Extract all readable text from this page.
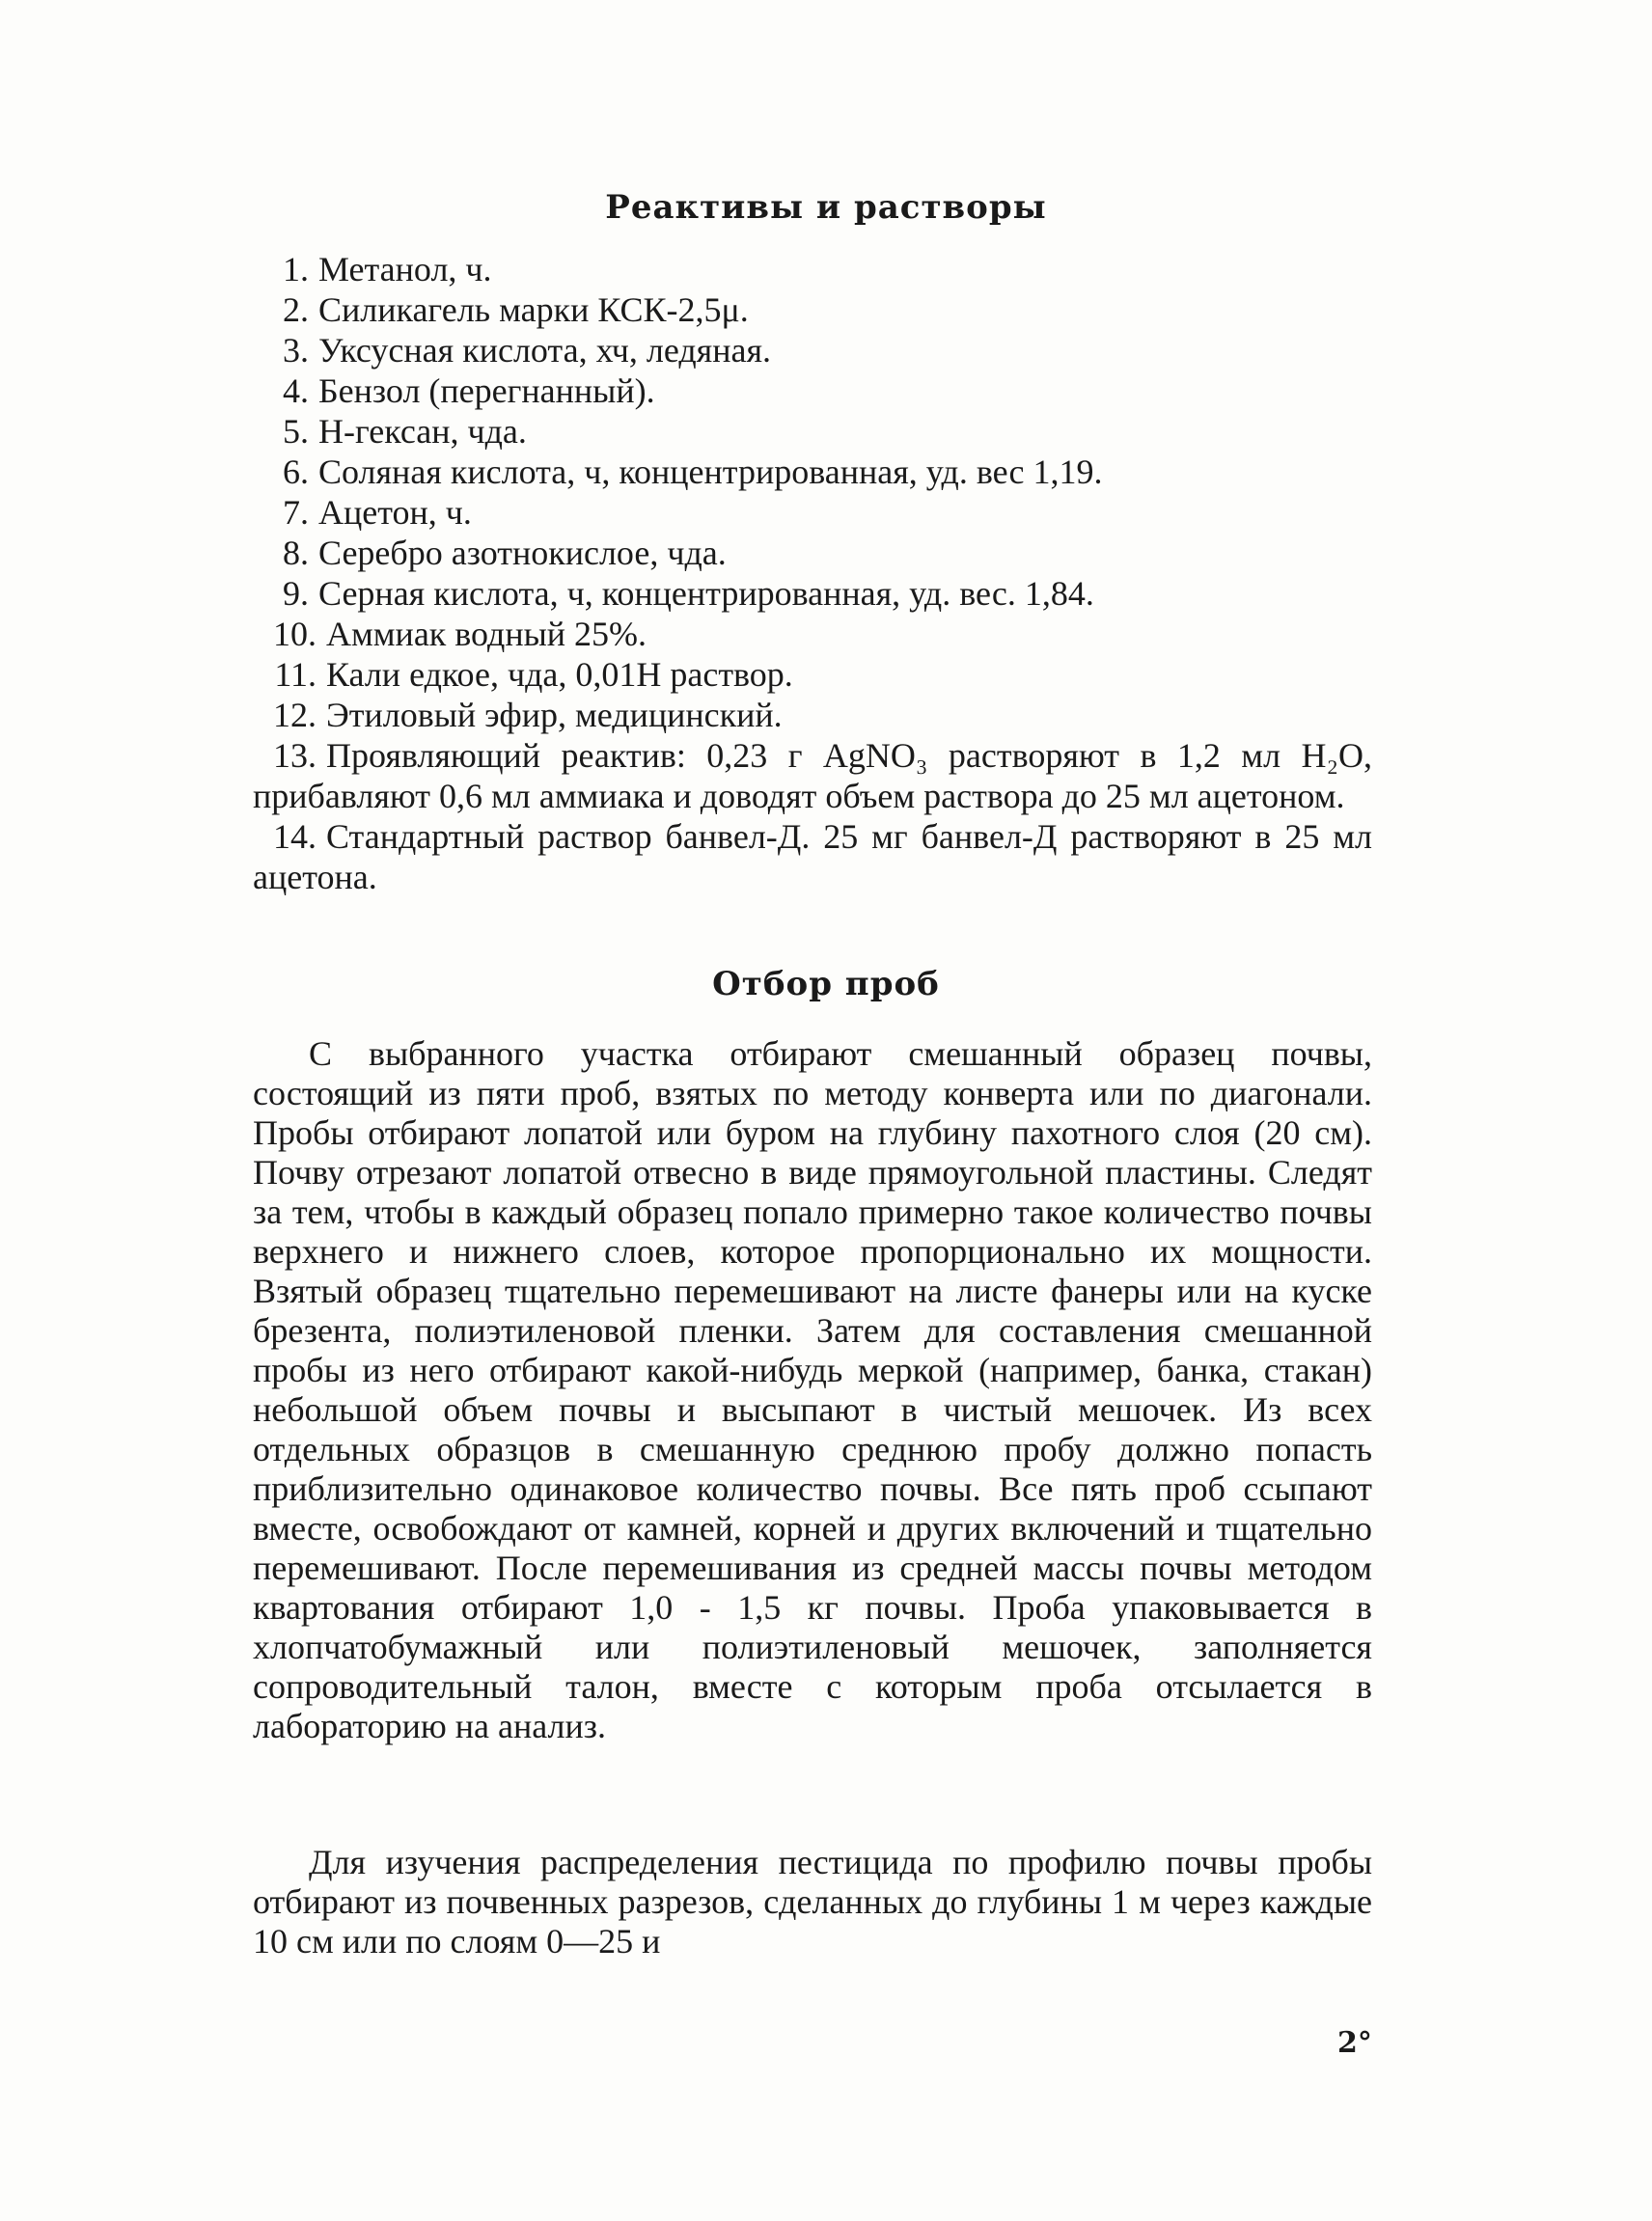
Реактивы и растворы
1. Метанол, ч.
2. Силикагель марки КСК-2,5μ.
3. Уксусная кислота, хч, ледяная.
4. Бензол (перегнанный).
5. Н-гексан, чда.
6. Соляная кислота, ч, концентрированная, уд. вес 1,19.
7. Ацетон, ч.
8. Серебро азотнокислое, чда.
9. Серная кислота, ч, концентрированная, уд. вес. 1,84.
10. Аммиак водный 25%.
11. Кали едкое, чда, 0,01Н раствор.
12. Этиловый эфир, медицинский.
13. Проявляющий реактив: 0,23 г AgNO₃ растворяют в 1,2 мл H₂O, прибавляют 0,6 мл аммиака и доводят объем раствора до 25 мл ацетоном.
14. Стандартный раствор банвел-Д. 25 мг банвел-Д растворяют в 25 мл ацетона.
Отбор проб

С выбранного участка отбирают смешанный образец почвы, состоящий из пяти проб, взятых по методу конверта или по диагонали. Пробы отбирают лопатой или буром на глубину пахотного слоя (20 см). Почву отрезают лопатой отвесно в виде прямоугольной пластины. Следят за тем, чтобы в каждый образец попало примерно такое количество почвы верхнего и нижнего слоев, которое пропорционально их мощности. Взятый образец тщательно перемешивают на листе фанеры или на куске брезента, полиэтиленовой пленки. Затем для составления смешанной пробы из него отбирают какой-нибудь меркой (например, банка, стакан) небольшой объем почвы и высыпают в чистый мешочек. Из всех отдельных образцов в смешанную среднюю пробу должно попасть приблизительно одинаковое количество почвы. Все пять проб ссыпают вместе, освобождают от камней, корней и других включений и тщательно перемешивают. После перемешивания из средней массы почвы методом квартования отбирают 1,0 - 1,5 кг почвы. Проба упаковывается в хлопчатобумажный или полиэтиленовый мешочек, заполняется сопроводительный талон, вместе с которым проба отсылается в лабораторию на анализ.

Для изучения распределения пестицида по профилю почвы пробы отбирают из почвенных разрезов, сделанных до глубины 1 м через каждые 10 см или по слоям 0—25 и

2°
